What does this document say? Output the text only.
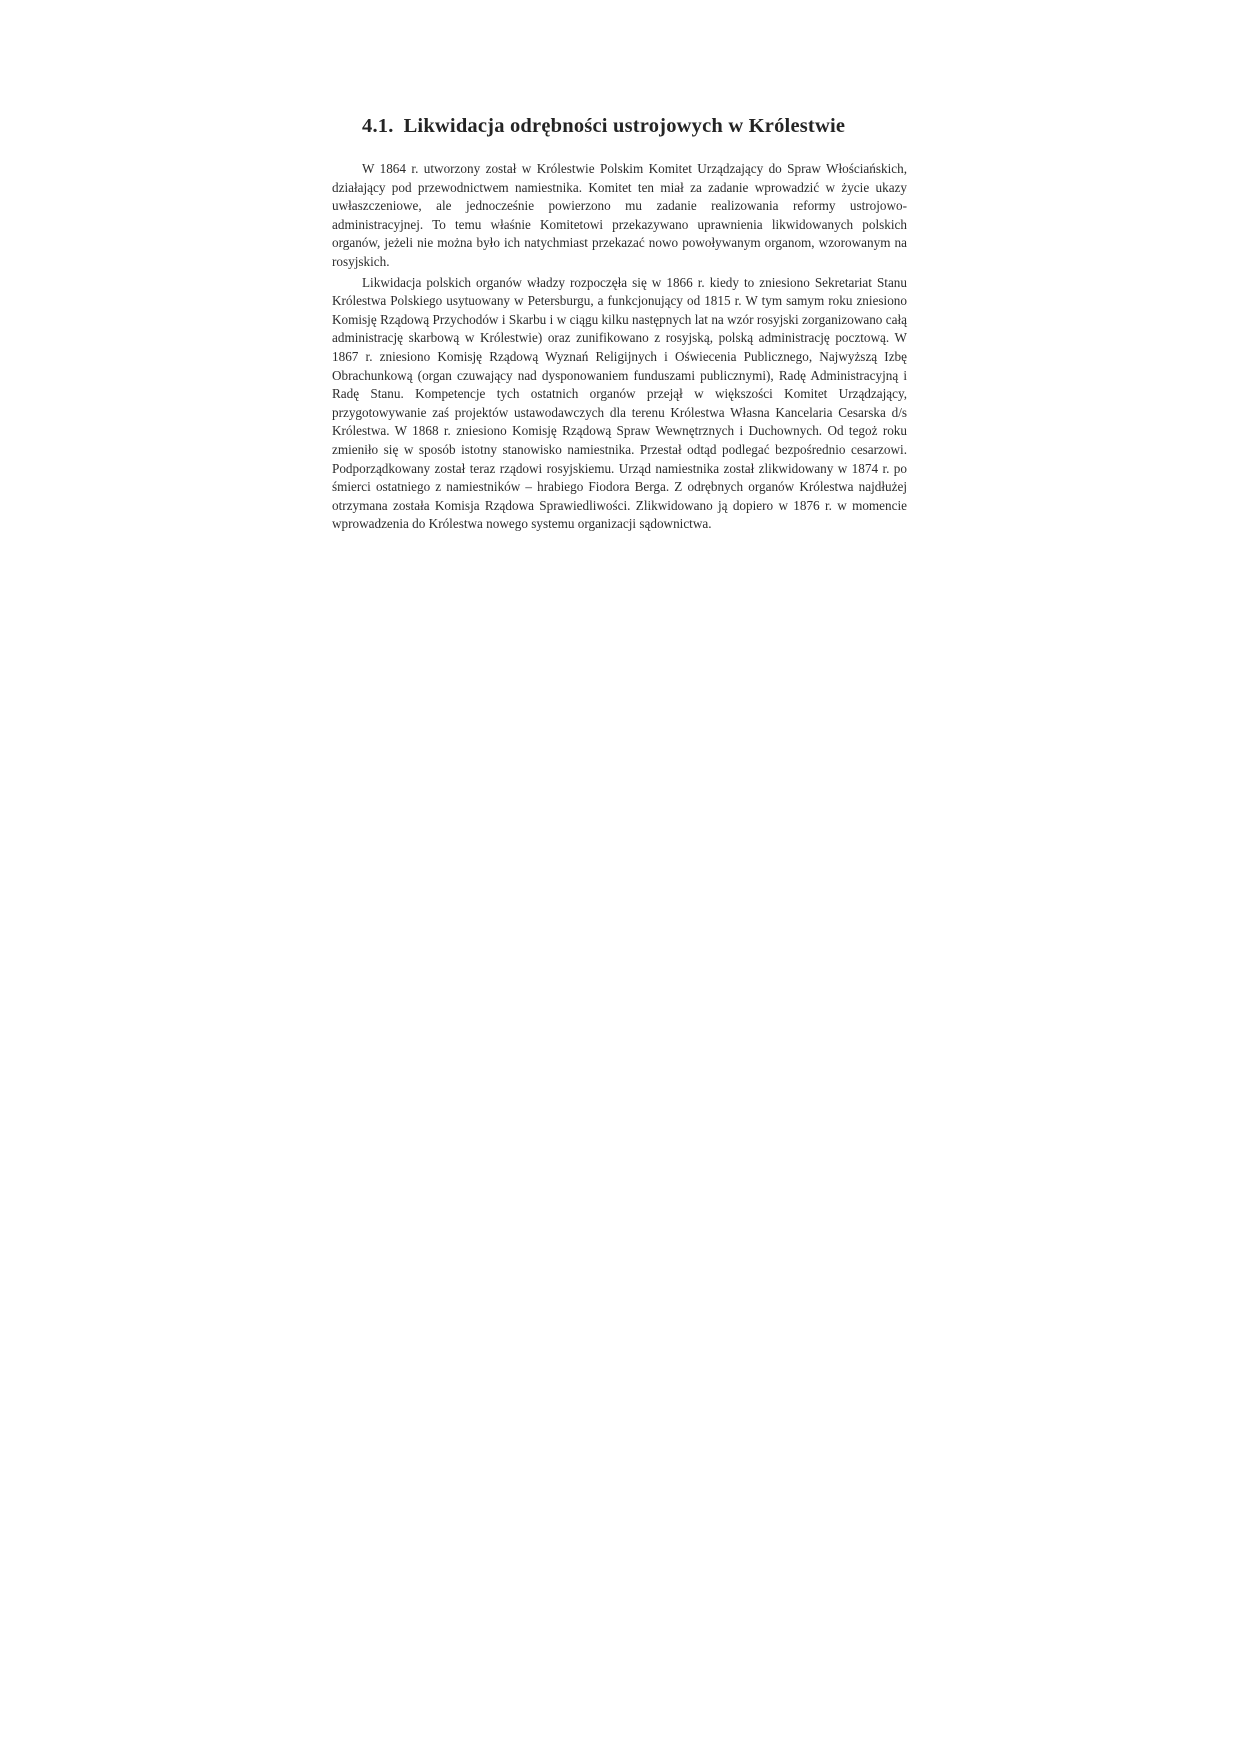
4.1. Likwidacja odrębności ustrojowych w Królestwie

W 1864 r. utworzony został w Królestwie Polskim Komitet Urządzający do Spraw Włościańskich, działający pod przewodnictwem namiestnika. Komitet ten miał za zadanie wprowadzić w życie ukazy uwłaszczeniowe, ale jednocześnie powierzono mu zadanie realizowania reformy ustrojowo-administracyjnej. To temu właśnie Komitetowi przekazywano uprawnienia likwidowanych polskich organów, jeżeli nie można było ich natychmiast przekazać nowo powoływanym organom, wzorowanym na rosyjskich.

Likwidacja polskich organów władzy rozpoczęła się w 1866 r. kiedy to zniesiono Sekretariat Stanu Królestwa Polskiego usytuowany w Petersburgu, a funkcjonujący od 1815 r. W tym samym roku zniesiono Komisję Rządową Przychodów i Skarbu i w ciągu kilku następnych lat na wzór rosyjski zorganizowano całą administrację skarbową w Królestwie) oraz zunifikowano z rosyjską, polską administrację pocztową. W 1867 r. zniesiono Komisję Rządową Wyznań Religijnych i Oświecenia Publicznego, Najwyższą Izbę Obrachunkową (organ czuwający nad dysponowaniem funduszami publicznymi), Radę Administracyjną i Radę Stanu. Kompetencje tych ostatnich organów przejął w większości Komitet Urządzający, przygotowywanie zaś projektów ustawodawczych dla terenu Królestwa Własna Kancelaria Cesarska d/s Królestwa. W 1868 r. zniesiono Komisję Rządową Spraw Wewnętrznych i Duchownych. Od tegoż roku zmieniło się w sposób istotny stanowisko namiestnika. Przestał odtąd podlegać bezpośrednio cesarzowi. Podporządkowany został teraz rządowi rosyjskiemu. Urząd namiestnika został zlikwidowany w 1874 r. po śmierci ostatniego z namiestników – hrabiego Fiodora Berga. Z odrębnych organów Królestwa najdłużej otrzymana została Komisja Rządowa Sprawiedliwości. Zlikwidowano ją dopiero w 1876 r. w momencie wprowadzenia do Królestwa nowego systemu organizacji sądownictwa.
